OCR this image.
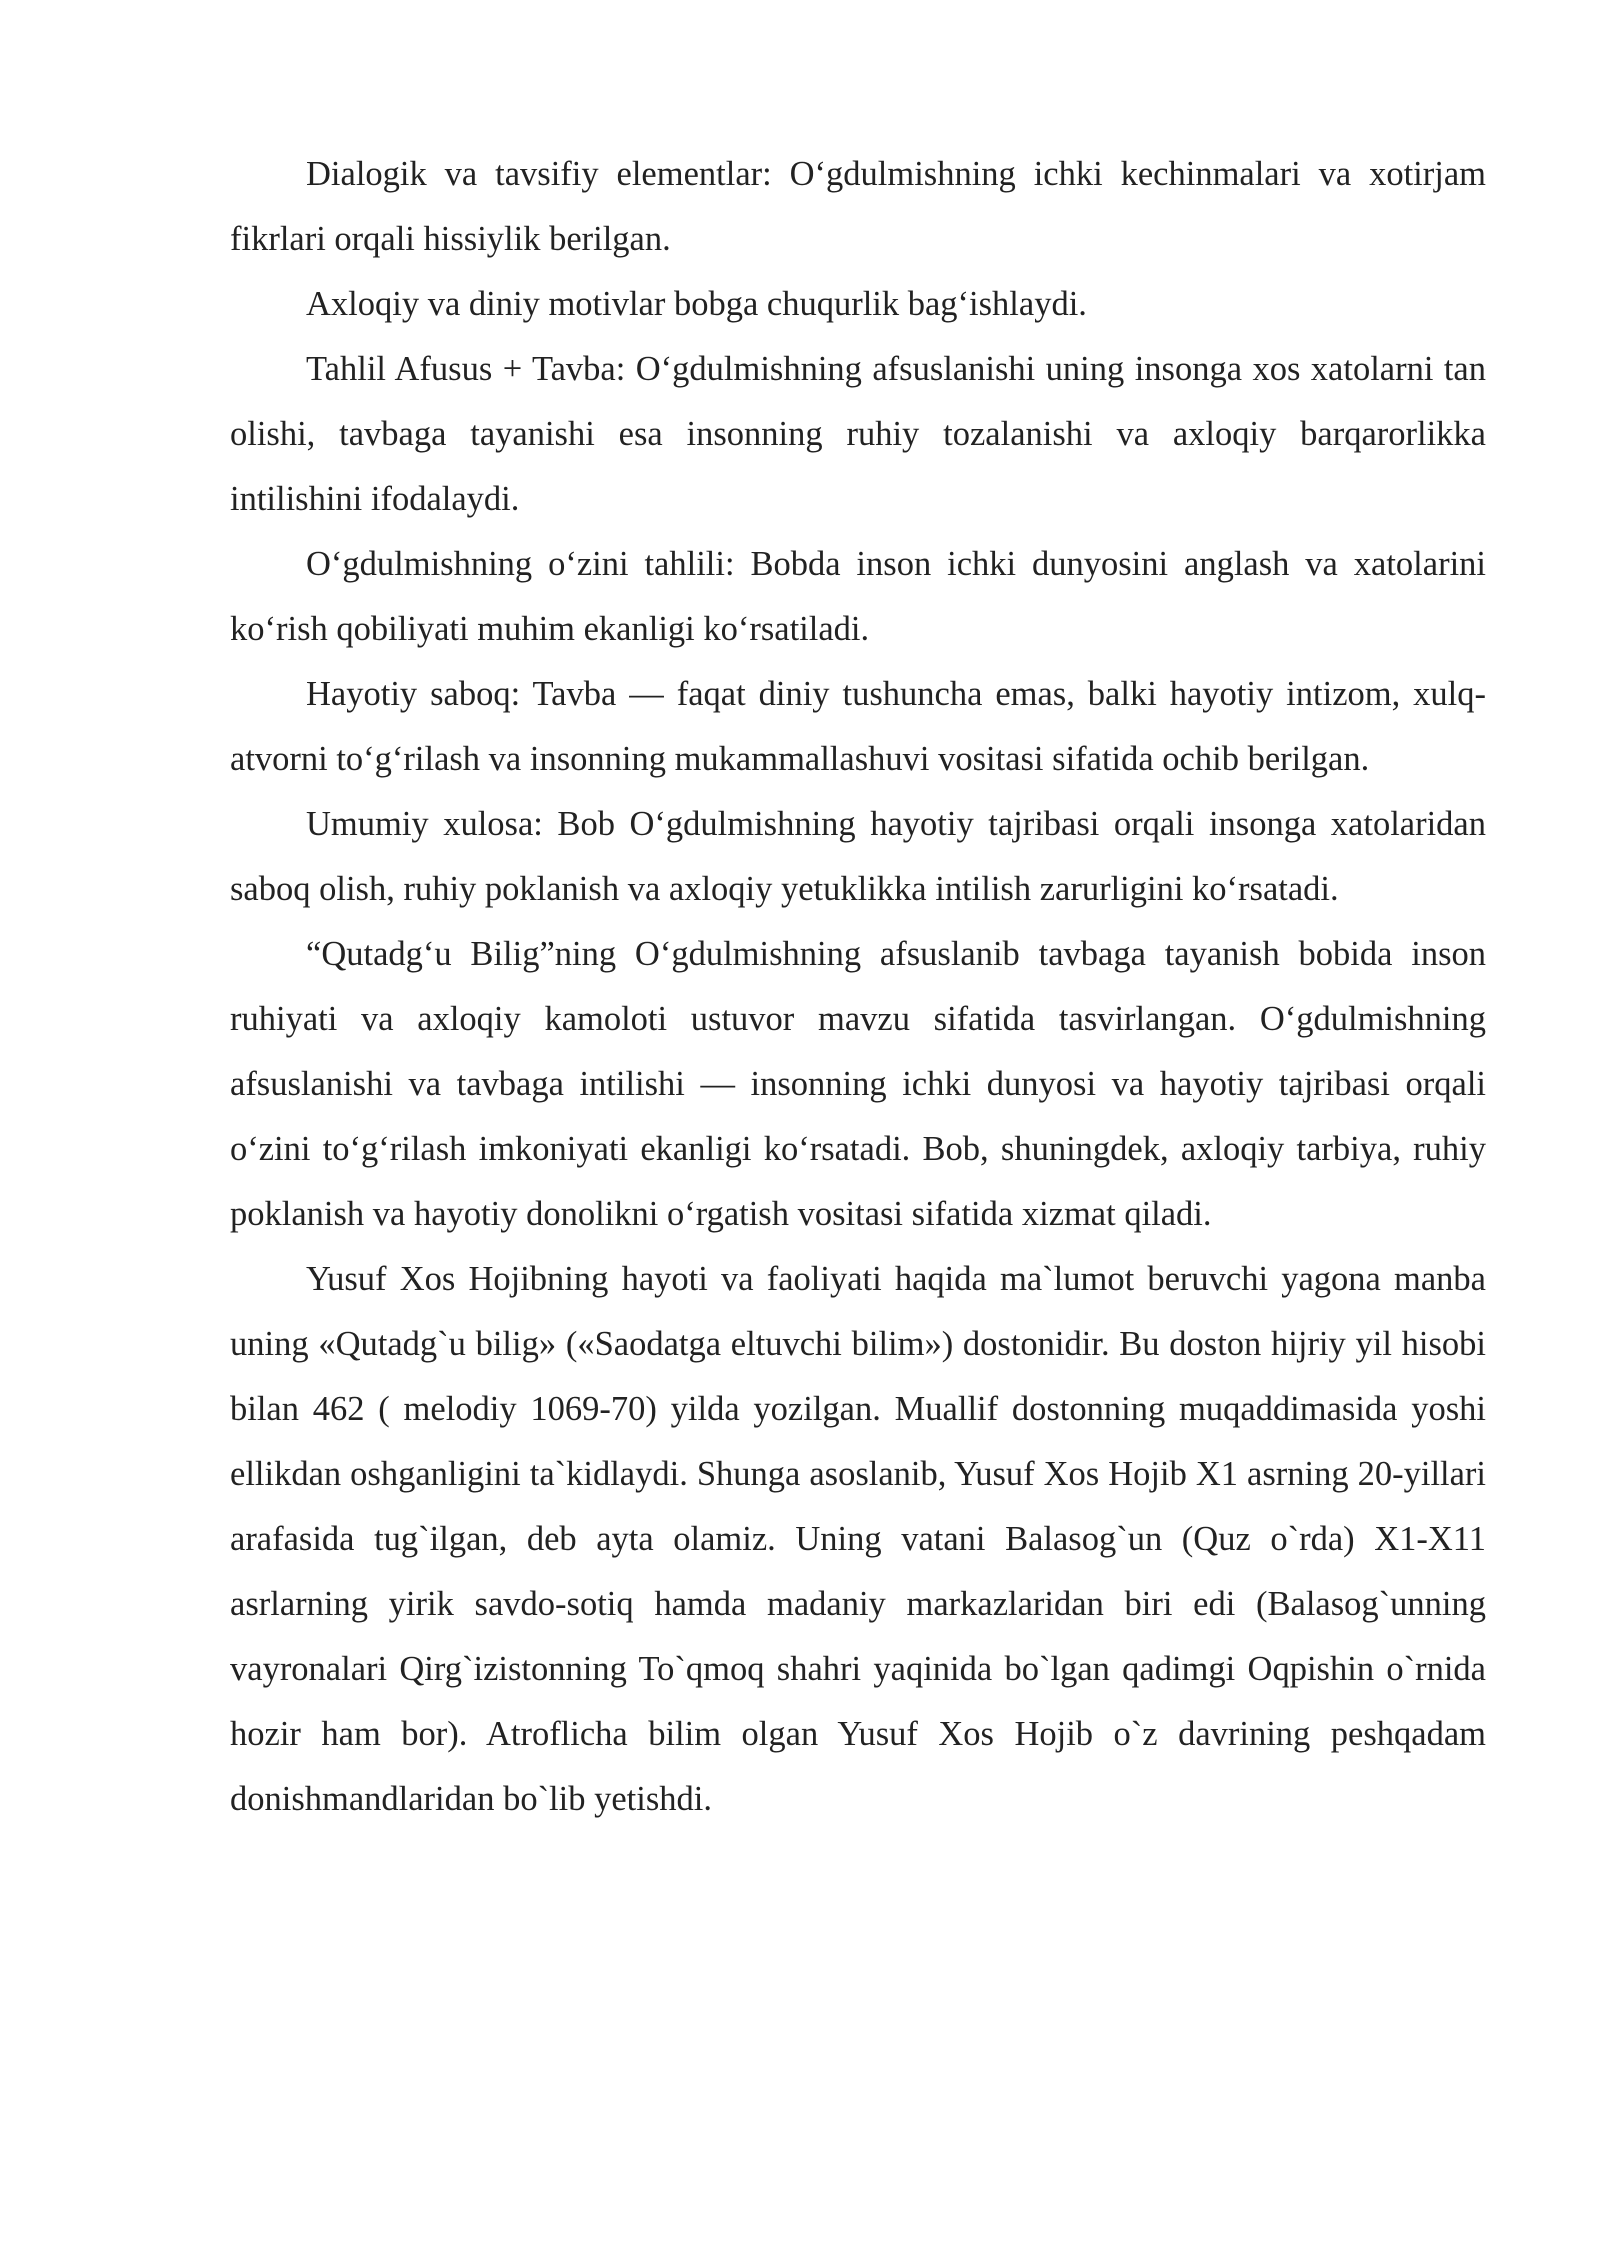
Dialogik va tavsifiy elementlar: O‘gdulmishning ichki kechinmalari va xotirjam fikrlari orqali hissiylik berilgan.

Axloqiy va diniy motivlar bobga chuqurlik bag‘ishlaydi.

Tahlil Afusus + Tavba: O‘gdulmishning afsuslanishi uning insonga xos xatolarni tan olishi, tavbaga tayanishi esa insonning ruhiy tozalanishi va axloqiy barqarorlikka intilishini ifodalaydi.

O‘gdulmishning o‘zini tahlili: Bobda inson ichki dunyosini anglash va xatolarini ko‘rish qobiliyati muhim ekanligi ko‘rsatiladi.

Hayotiy saboq: Tavba — faqat diniy tushuncha emas, balki hayotiy intizom, xulq-atvorni to‘g‘rilash va insonning mukammallashuvi vositasi sifatida ochib berilgan.

Umumiy xulosa: Bob O‘gdulmishning hayotiy tajribasi orqali insonga xatolaridan saboq olish, ruhiy poklanish va axloqiy yetuklikka intilish zarurligini ko‘rsatadi.

“Qutadg‘u Bilig”ning O‘gdulmishning afsuslanib tavbaga tayanish bobida inson ruhiyati va axloqiy kamoloti ustuvor mavzu sifatida tasvirlangan. O‘gdulmishning afsuslanishi va tavbaga intilishi — insonning ichki dunyosi va hayotiy tajribasi orqali o‘zini to‘g‘rilash imkoniyati ekanligi ko‘rsatadi. Bob, shuningdek, axloqiy tarbiya, ruhiy poklanish va hayotiy donolikni o‘rgatish vositasi sifatida xizmat qiladi.

Yusuf Xos Hojibning hayoti va faoliyati haqida ma`lumot beruvchi yagona manba uning «Qutadg`u bilig» («Saodatga eltuvchi bilim») dostonidir. Bu doston hijriy yil hisobi bilan 462 ( melodiy 1069-70) yilda yozilgan. Muallif dostonning muqaddimasida yoshi ellikdan oshganligini ta`kidlaydi. Shunga asoslanib, Yusuf Xos Hojib X1 asrning 20-yillari arafasida tug`ilgan, deb ayta olamiz. Uning vatani Balasog`un (Quz o`rda) X1-X11 asrlarning yirik savdo-sotiq hamda madaniy markazlaridan biri edi (Balasog`unning vayronalari Qirg`izistonning To`qmoq shahri yaqinida bo`lgan qadimgi Oqpishin o`rnida hozir ham bor). Atroflicha bilim olgan Yusuf Xos Hojib o`z davrining peshqadam donishmandlaridan bo`lib yetishdi.
